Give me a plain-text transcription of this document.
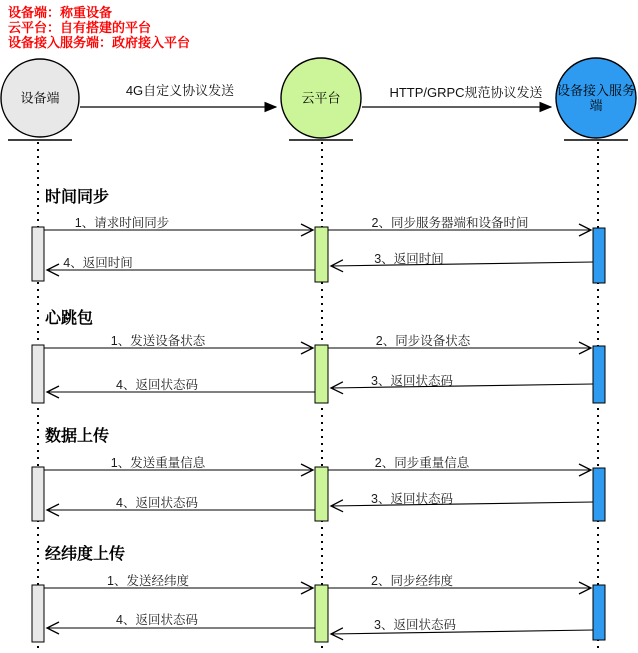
设备端：称重设备
云平台：自有搭建的平台
设备接入服务端：政府接入平台
设备端	云平台	设备接入服务端
4G自定义协议发送	HTTP/GRPC规范协议发送
时间同步
心跳包
数据上传
经纬度上传
1、请求时间同步	2、同步服务器端和设备时间
3、返回时间
4、返回时间
1、发送设备状态	2、同步设备状态
3、返回状态码
4、返回状态码
1、发送重量信息	2、同步重量信息
3、返回状态码
4、返回状态码
1、发送经纬度	2、同步经纬度
3、返回状态码
4、返回状态码
